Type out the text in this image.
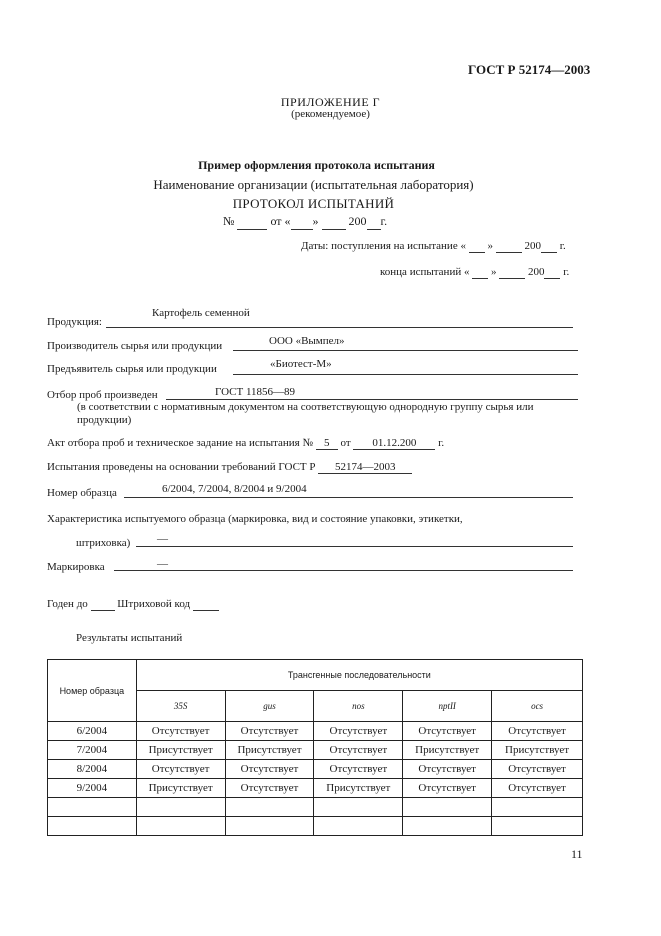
ГОСТ Р 52174—2003
ПРИЛОЖЕНИЕ Г
(рекомендуемое)
Пример оформления протокола испытания
Наименование организации (испытательная лаборатория)
ПРОТОКОЛ ИСПЫТАНИЙ
№	от « »	200 г.
Даты: поступления на испытание « »	200 г.
конца испытаний « »	200 г.
Картофель семенной
Продукция:
Производитель сырья или продукции	ООО «Вымпел»
Предъявитель сырья или продукции	«Биотест-М»
Отбор проб произведен	ГОСТ 11856—89
(в соответствии с нормативным документом на соответствующую однородную группу сырья или продукции)
Акт отбора проб и техническое задание на испытания № 5 от 01.12.200 г.
Испытания проведены на основании требований ГОСТ Р 52174—2003
Номер образца	6/2004, 7/2004, 8/2004 и 9/2004
Характеристика испытуемого образца (маркировка, вид и состояние упаковки, этикетки,
штриховка) —
Маркировка	—
Годен до	Штриховой код
Результаты испытаний
Номер образца	Трансгенные последовательности				
	35S	gus	nos	nptII	ocs
6/2004	Отсутствует	Отсутствует	Отсутствует	Отсутствует	Отсутствует
7/2004	Присутствует	Присутствует	Отсутствует	Присутствует	Присутствует
8/2004	Отсутствует	Отсутствует	Отсутствует	Отсутствует	Отсутствует
9/2004	Присутствует	Отсутствует	Присутствует	Отсутствует	Отсутствует

11
